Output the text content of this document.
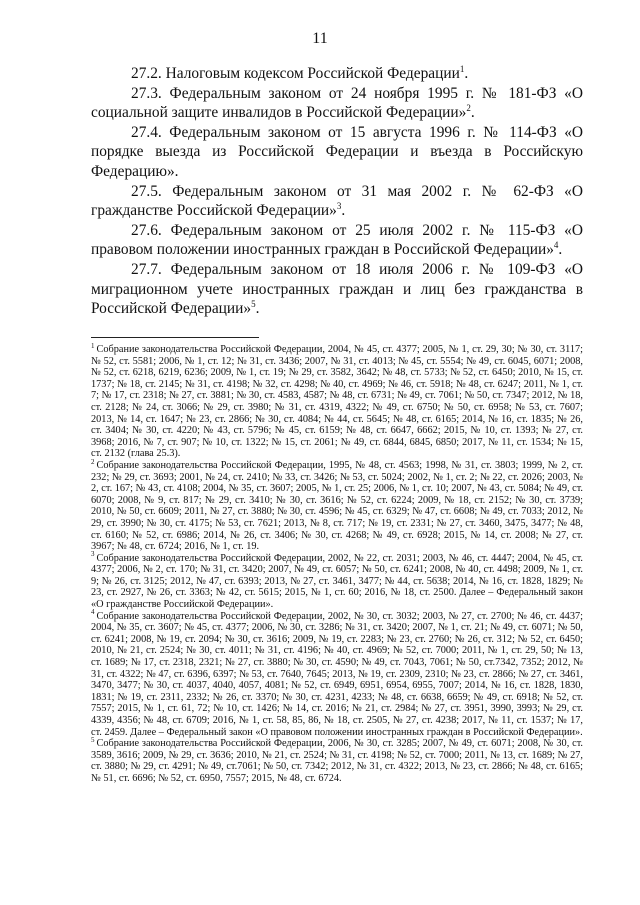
11

27.2. Налоговым кодексом Российской Федерации$^1$.

27.3. Федеральным законом от 24 ноября 1995 г. № 181-ФЗ «О социальной защите инвалидов в Российской Федерации»$^2$.

27.4. Федеральным законом от 15 августа 1996 г. № 114-ФЗ «О порядке выезда из Российской Федерации и въезда в Российскую Федерацию».

27.5. Федеральным законом от 31 мая 2002 г. № 62-ФЗ «О гражданстве Российской Федерации»$^3$.

27.6. Федеральным законом от 25 июля 2002 г. № 115-ФЗ «О правовом положении иностранных граждан в Российской Федерации»$^4$.

27.7. Федеральным законом от 18 июля 2006 г. № 109-ФЗ «О миграционном учете иностранных граждан и лиц без гражданства в Российской Федерации»$^5$.

$^1$ Собрание законодательства Российской Федерации, 2004, № 45, ст. 4377; 2005, № 1, ст. 29, 30; № 30, ст. 3117; № 52, ст. 5581; 2006, № 1, ст. 12; № 31, ст. 3436; 2007, № 31, ст. 4013; № 45, ст. 5554; № 49, ст. 6045, 6071; 2008, № 52, ст. 6218, 6219, 6236; 2009, № 1, ст. 19; № 29, ст. 3582, 3642; № 48, ст. 5733; № 52, ст. 6450; 2010, № 15, ст. 1737; № 18, ст. 2145; № 31, ст. 4198; № 32, ст. 4298; № 40, ст. 4969; № 46, ст. 5918; № 48, ст. 6247; 2011, № 1, ст. 7; № 17, ст. 2318; № 27, ст. 3881; № 30, ст. 4583, 4587; № 48, ст. 6731; № 49, ст. 7061; № 50, ст. 7347; 2012, № 18, ст. 2128; № 24, ст. 3066; № 29, ст. 3980; № 31, ст. 4319, 4322; № 49, ст. 6750; № 50, ст. 6958; № 53, ст. 7607; 2013, № 14, ст. 1647; № 23, ст. 2866; № 30, ст. 4084; № 44, ст. 5645; № 48, ст. 6165; 2014, № 16, ст. 1835; № 26, ст. 3404; № 30, ст. 4220; № 43, ст. 5796; № 45, ст. 6159; № 48, ст. 6647, 6662; 2015, № 10, ст. 1393; № 27, ст. 3968; 2016, № 7, ст. 907; № 10, ст. 1322; № 15, ст. 2061; № 49, ст. 6844, 6845, 6850; 2017, № 11, ст. 1534; № 15, ст. 2132 (глава 25.3).

$^2$ Собрание законодательства Российской Федерации, 1995, № 48, ст. 4563; 1998, № 31, ст. 3803; 1999, № 2, ст. 232; № 29, ст. 3693; 2001, № 24, ст. 2410; № 33, ст. 3426; № 53, ст. 5024; 2002, № 1, ст. 2; № 22, ст. 2026; 2003, № 2, ст. 167; № 43, ст. 4108; 2004, № 35, ст. 3607; 2005, № 1, ст. 25; 2006, № 1, ст. 10; 2007, № 43, ст. 5084; № 49, ст. 6070; 2008, № 9, ст. 817; № 29, ст. 3410; № 30, ст. 3616; № 52, ст. 6224; 2009, № 18, ст. 2152; № 30, ст. 3739; 2010, № 50, ст. 6609; 2011, № 27, ст. 3880; № 30, ст. 4596; № 45, ст. 6329; № 47, ст. 6608; № 49, ст. 7033; 2012, № 29, ст. 3990; № 30, ст. 4175; № 53, ст. 7621; 2013, № 8, ст. 717; № 19, ст. 2331; № 27, ст. 3460, 3475, 3477; № 48, ст. 6160; № 52, ст. 6986; 2014, № 26, ст. 3406; № 30, ст. 4268; № 49, ст. 6928; 2015, № 14, ст. 2008; № 27, ст. 3967; № 48, ст. 6724; 2016, № 1, ст. 19.

$^3$ Собрание законодательства Российской Федерации, 2002, № 22, ст. 2031; 2003, № 46, ст. 4447; 2004, № 45, ст. 4377; 2006, № 2, ст. 170; № 31, ст. 3420; 2007, № 49, ст. 6057; № 50, ст. 6241; 2008, № 40, ст. 4498; 2009, № 1, ст. 9; № 26, ст. 3125; 2012, № 47, ст. 6393; 2013, № 27, ст. 3461, 3477; № 44, ст. 5638; 2014, № 16, ст. 1828, 1829; № 23, ст. 2927, № 26, ст. 3363; № 42, ст. 5615; 2015, № 1, ст. 60; 2016, № 18, ст. 2500. Далее – Федеральный закон «О гражданстве Российской Федерации».

$^4$ Собрание законодательства Российской Федерации, 2002, № 30, ст. 3032; 2003, № 27, ст. 2700; № 46, ст. 4437; 2004, № 35, ст. 3607; № 45, ст. 4377; 2006, № 30, ст. 3286; № 31, ст. 3420; 2007, № 1, ст. 21; № 49, ст. 6071; № 50, ст. 6241; 2008, № 19, ст. 2094; № 30, ст. 3616; 2009, № 19, ст. 2283; № 23, ст. 2760; № 26, ст. 312; № 52, ст. 6450; 2010, № 21, ст. 2524; № 30, ст. 4011; № 31, ст. 4196; № 40, ст. 4969; № 52, ст. 7000; 2011, № 1, ст. 29, 50; № 13, ст. 1689; № 17, ст. 2318, 2321; № 27, ст. 3880; № 30, ст. 4590; № 49, ст. 7043, 7061; № 50, ст.7342, 7352; 2012, № 31, ст. 4322; № 47, ст. 6396, 6397; № 53, ст. 7640, 7645; 2013, № 19, ст. 2309, 2310; № 23, ст. 2866; № 27, ст. 3461, 3470, 3477; № 30, ст. 4037, 4040, 4057, 4081; № 52, ст. 6949, 6951, 6954, 6955, 7007; 2014, № 16, ст. 1828, 1830, 1831; № 19, ст. 2311, 2332; № 26, ст. 3370; № 30, ст. 4231, 4233; № 48, ст. 6638, 6659; № 49, ст. 6918; № 52, ст. 7557; 2015, № 1, ст. 61, 72; № 10, ст. 1426; № 14, ст. 2016; № 21, ст. 2984; № 27, ст. 3951, 3990, 3993; № 29, ст. 4339, 4356; № 48, ст. 6709; 2016, № 1, ст. 58, 85, 86, № 18, ст. 2505, № 27, ст. 4238; 2017, № 11, ст. 1537; № 17, ст. 2459. Далее – Федеральный закон «О правовом положении иностранных граждан в Российской Федерации».

$^5$ Собрание законодательства Российской Федерации, 2006, № 30, ст. 3285; 2007, № 49, ст. 6071; 2008, № 30, ст. 3589, 3616; 2009, № 29, ст. 3636; 2010, № 21, ст. 2524; № 31, ст. 4198; № 52, ст. 7000; 2011, № 13, ст. 1689; № 27, ст. 3880; № 29, ст. 4291; № 49, ст.7061; № 50, ст. 7342; 2012, № 31, ст. 4322; 2013, № 23, ст. 2866; № 48, ст. 6165; № 51, ст. 6696; № 52, ст. 6950, 7557; 2015, № 48, ст. 6724.
